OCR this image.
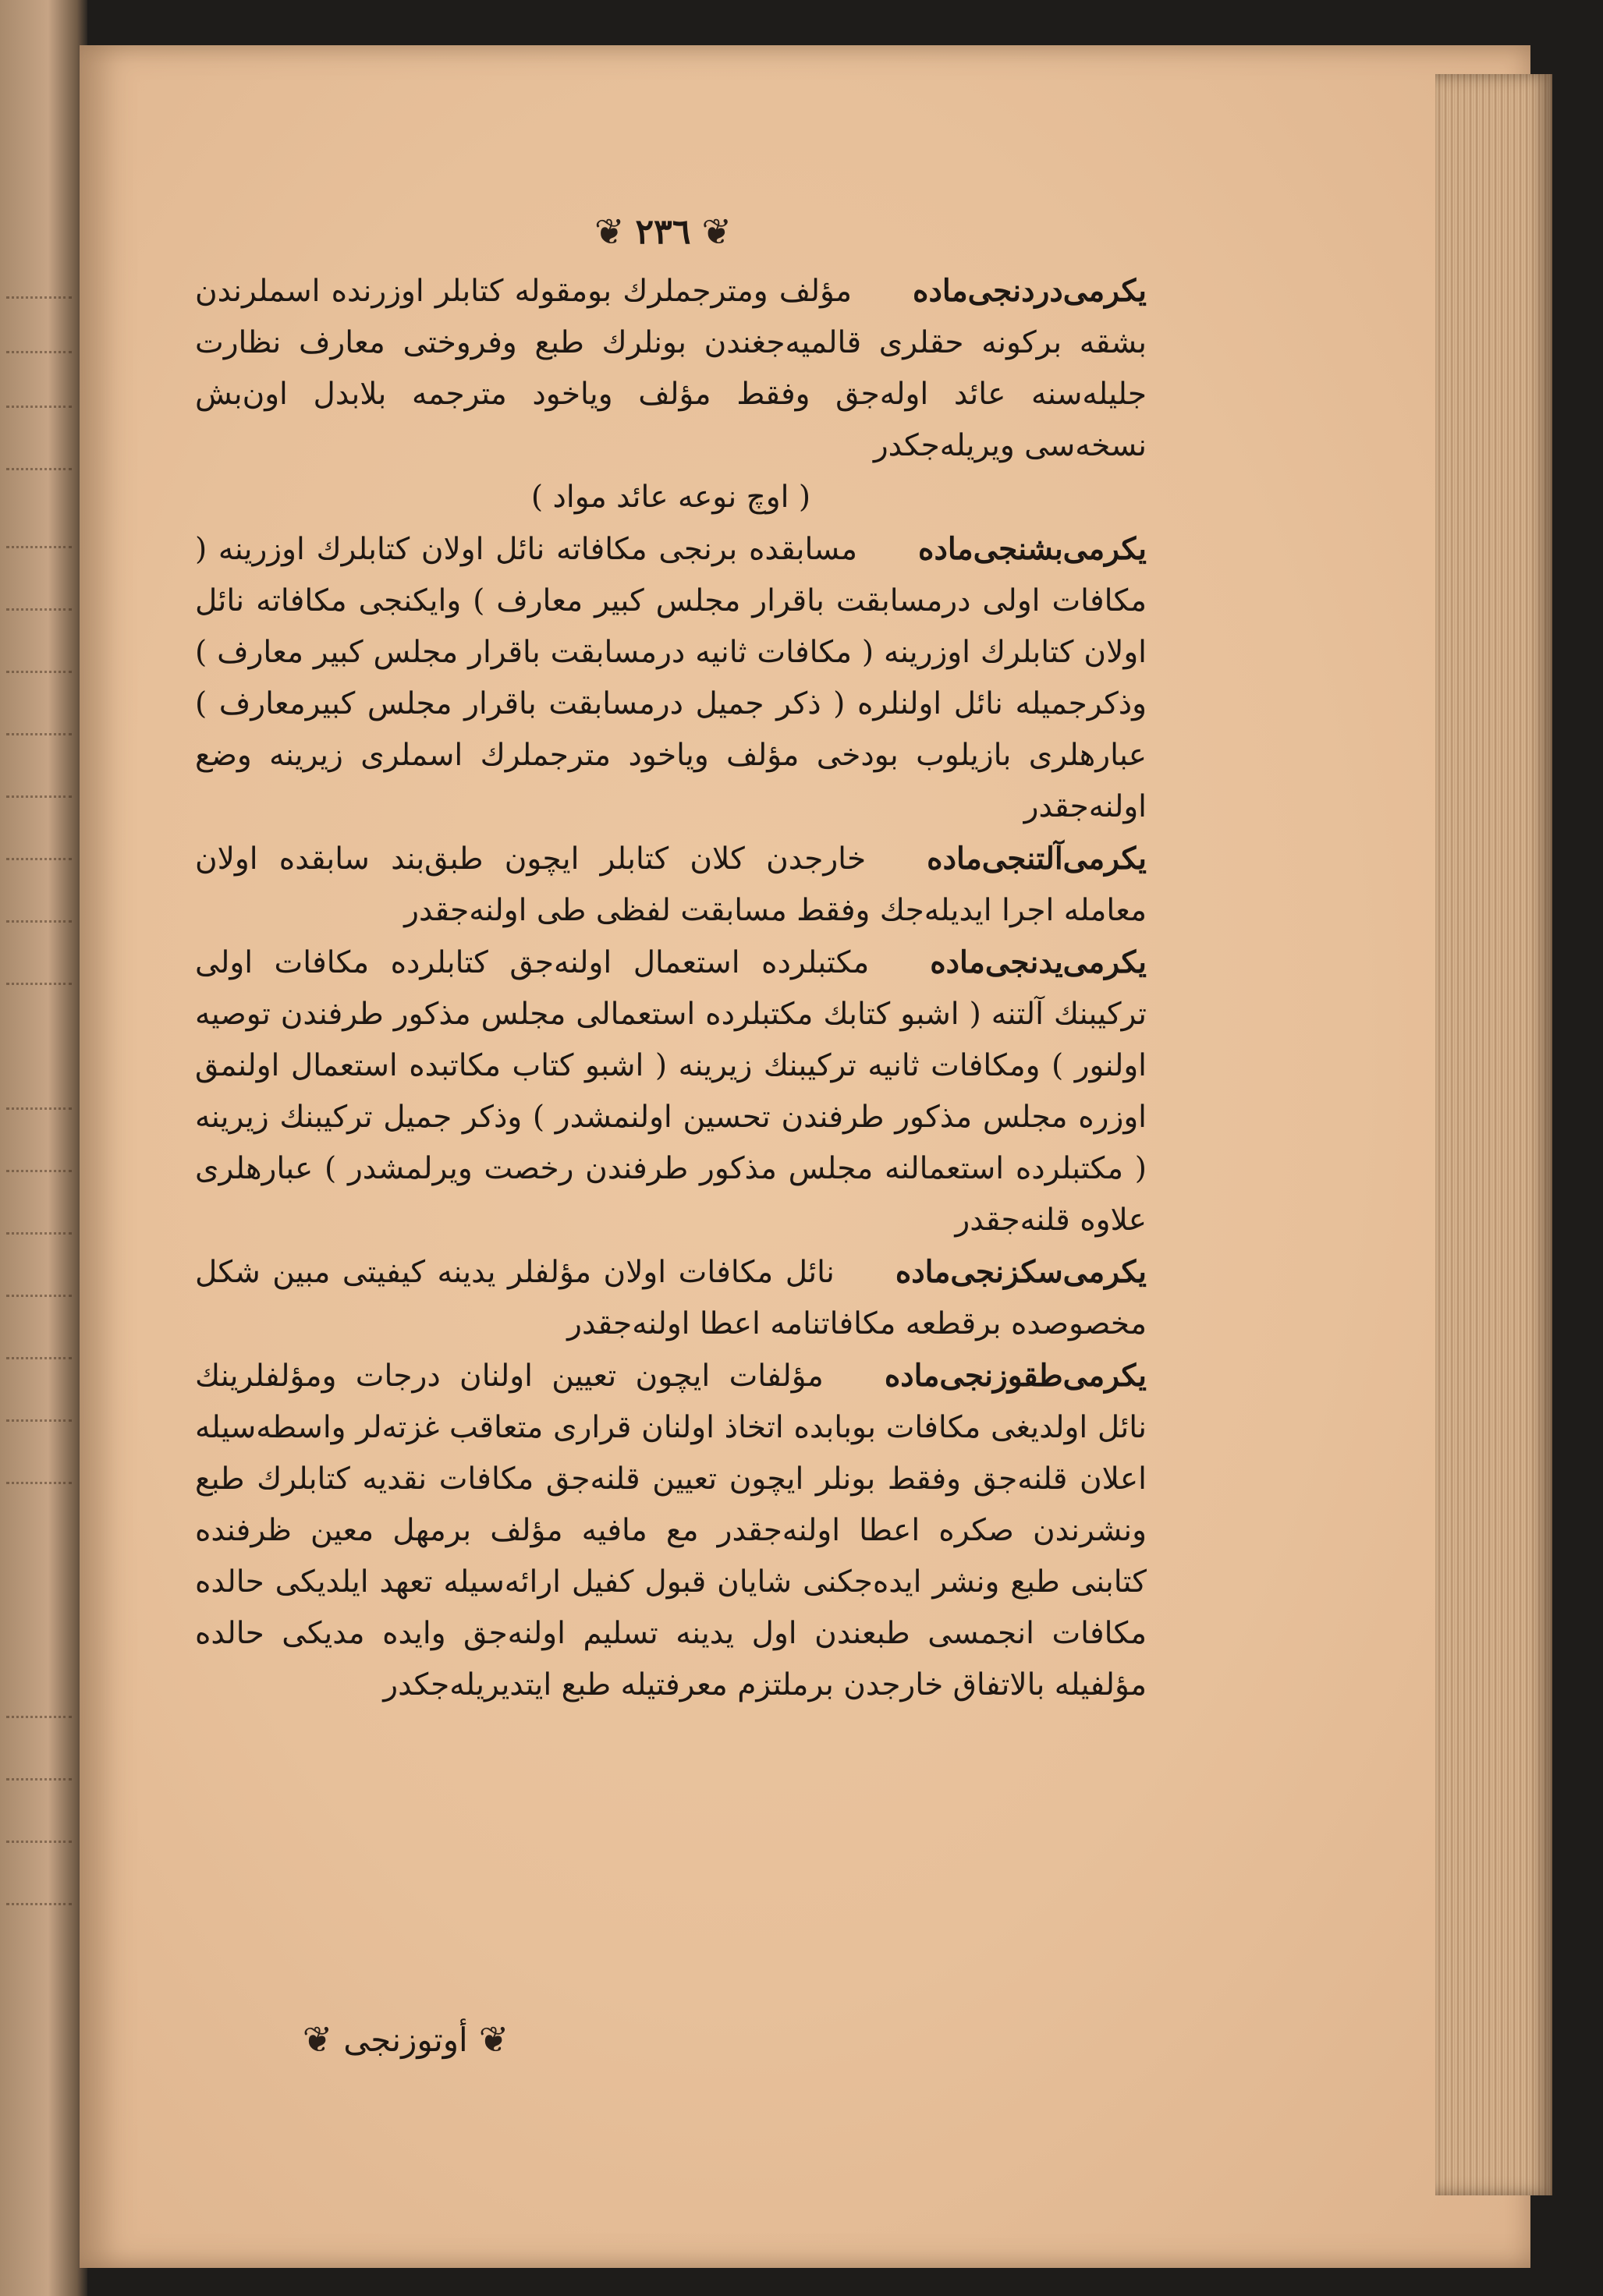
❦ ٢٣٦ ❦

يكرمى‌دردنجى‌ماده  مؤلف ومترجملرك بومقوله كتابلر اوزرنده اسملرندن بشقه بركونه حقلرى قالميه‌جغندن بونلرك طبع وفروختى معارف نظارت جليله‌سنه عائد اوله‌جق وفقط مؤلف وياخود مترجمه بلابدل اون‌بش نسخه‌سى ويريله‌جكدر

( اوچ نوعه عائد مواد )

يكرمى‌بشنجى‌ماده  مسابقده برنجى مكافاته نائل اولان كتابلرك اوزرينه ( مكافات اولى درمسابقت باقرار مجلس كبير معارف ) وايكنجى مكافاته نائل اولان كتابلرك اوزرينه ( مكافات ثانيه درمسابقت باقرار مجلس كبير معارف ) وذكرجميله نائل اولنلره ( ذكر جميل درمسابقت باقرار مجلس كبيرمعارف ) عبارهلرى بازيلوب بودخى مؤلف وياخود مترجملرك اسملرى زيرينه وضع اولنه‌جقدر

يكرمى‌آلتنجى‌ماده  خارجدن كلان كتابلر ايچون طبق‌بند سابقده اولان معامله اجرا ايديله‌جك وفقط مسابقت لفظى طى اولنه‌جقدر

يكرمى‌يدنجى‌ماده  مكتبلرده استعمال اولنه‌جق كتابلرده مكافات اولى تركيبنك آلتنه ( اشبو كتابك مكتبلرده استعمالى مجلس مذكور طرفندن توصيه اولنور ) ومكافات ثانيه تركيبنك زيرينه ( اشبو كتاب مكاتبده استعمال اولنمق اوزره مجلس مذكور طرفندن تحسين اولنمشدر ) وذكر جميل تركيبنك زيرينه ( مكتبلرده استعمالنه مجلس مذكور طرفندن رخصت ويرلمشدر ) عبارهلرى علاوه قلنه‌جقدر

يكرمى‌سكزنجى‌ماده  نائل مكافات اولان مؤلفلر يدينه كيفيتى مبين شكل مخصوصده برقطعه مكافاتنامه اعطا اولنه‌جقدر

يكرمى‌طقوزنجى‌ماده  مؤلفات ايچون تعيين اولنان درجات ومؤلفلرينك نائل اولديغى مكافات بوبابده اتخاذ اولنان قرارى متعاقب غزته‌لر واسطه‌سيله اعلان قلنه‌جق وفقط بونلر ايچون تعيين قلنه‌جق مكافات نقديه كتابلرك طبع ونشرندن صكره اعطا اولنه‌جقدر مع مافيه مؤلف برمهل معين ظرفنده كتابنى طبع ونشر ايده‌جكنى شايان قبول كفيل ارائه‌سيله تعهد ايلديكى حالده مكافات انجمسى طبعندن اول يدينه تسليم اولنه‌جق وايده مديكى حالده مؤلفيله بالاتفاق خارجدن برملتزم معرفتيله طبع ايتديريله‌جكدر

❦
أوتوزنجى
❦
